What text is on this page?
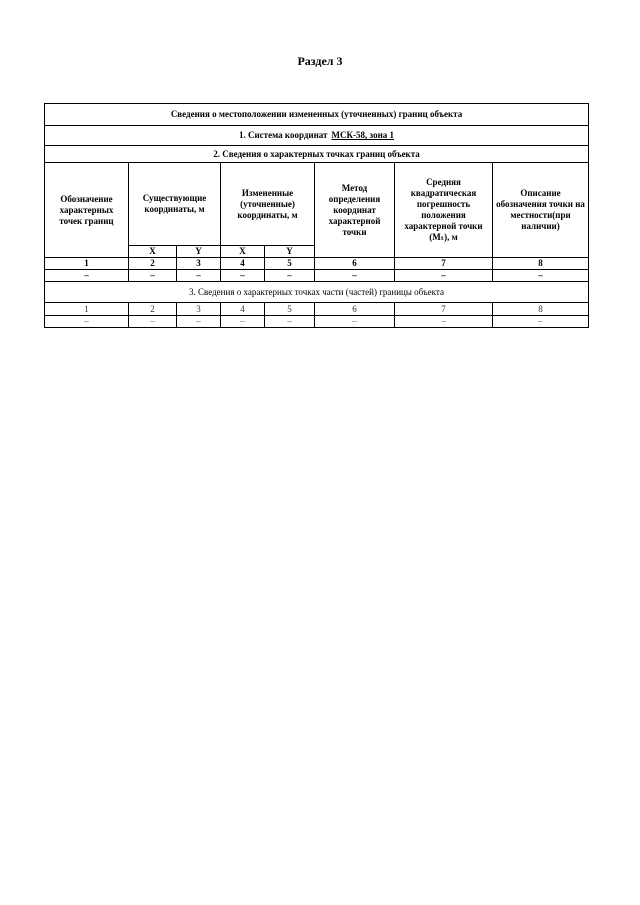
Раздел 3
Сведения о местоположении измененных (уточненных) границ объекта							
1. Система координат МСК-58, зона 1							
2. Сведения о характерных точках границ объекта							
Обозначение характерных точек границ	Существующие координаты, м		Измененные (уточненные) координаты, м		Метод определения координат характерной точки	Средняя квадратическая погрешность положения характерной точки (Mₜ), м	Описание обозначения точки на местности(при наличии)
	X	Y	X	Y			
1	2	3	4	5	6	7	8
–	–	–	–	–	–	–	–
3. Сведения о характерных точках части (частей) границы объекта							
1	2	3	4	5	6	7	8
–	–	–	–	–	–	–	–
